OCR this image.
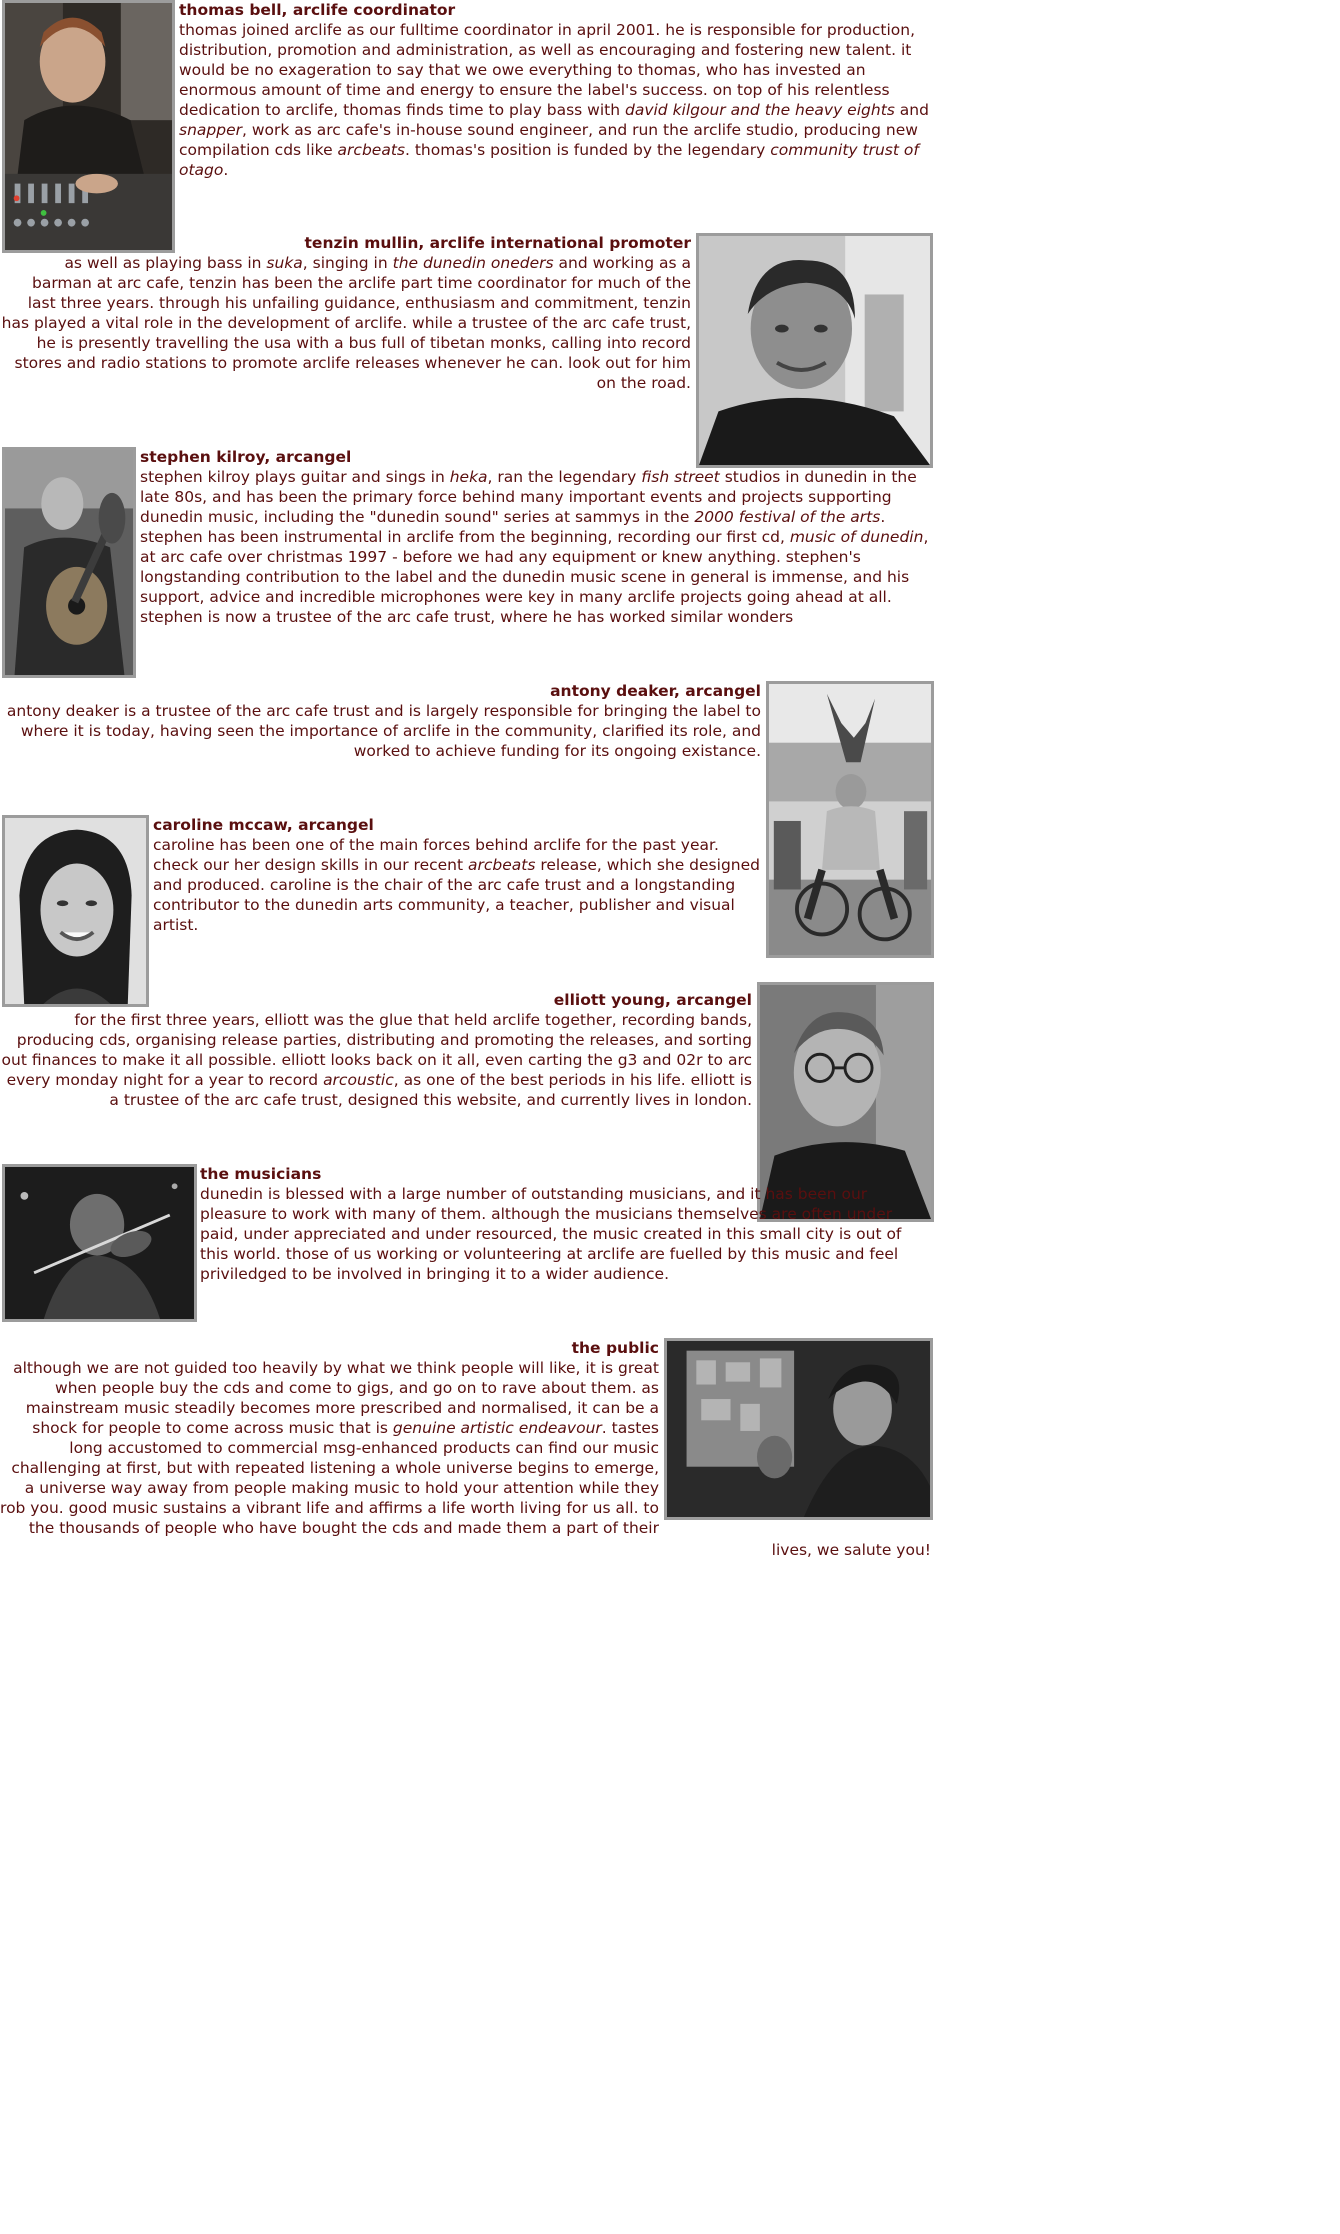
thomas bell, arclife coordinator

thomas joined arclife as our fulltime coordinator in april 2001. he is responsible for production, distribution, promotion and administration, as well as encouraging and fostering new talent. it would be no exageration to say that we owe everything to thomas, who has invested an enormous amount of time and energy to ensure the label's success. on top of his relentless dedication to arclife, thomas finds time to play bass with david kilgour and the heavy eights and snapper, work as arc cafe's in-house sound engineer, and run the arclife studio, producing new compilation cds like arcbeats. thomas's position is funded by the legendary community trust of otago.

tenzin mullin, arclife international promoter

as well as playing bass in suka, singing in the dunedin oneders and working as a barman at arc cafe, tenzin has been the arclife part time coordinator for much of the last three years. through his unfailing guidance, enthusiasm and commitment, tenzin has played a vital role in the development of arclife. while a trustee of the arc cafe trust, he is presently travelling the usa with a bus full of tibetan monks, calling into record stores and radio stations to promote arclife releases whenever he can. look out for him on the road.

stephen kilroy, arcangel

stephen kilroy plays guitar and sings in heka, ran the legendary fish street studios in dunedin in the late 80s, and has been the primary force behind many important events and projects supporting dunedin music, including the "dunedin sound" series at sammys in the 2000 festival of the arts. stephen has been instrumental in arclife from the beginning, recording our first cd, music of dunedin, at arc cafe over christmas 1997 - before we had any equipment or knew anything. stephen's longstanding contribution to the label and the dunedin music scene in general is immense, and his support, advice and incredible microphones were key in many arclife projects going ahead at all. stephen is now a trustee of the arc cafe trust, where he has worked similar wonders

antony deaker, arcangel

antony deaker is a trustee of the arc cafe trust and is largely responsible for bringing the label to where it is today, having seen the importance of arclife in the community, clarified its role, and worked to achieve funding for its ongoing existance.

caroline mccaw, arcangel

caroline has been one of the main forces behind arclife for the past year. check our her design skills in our recent arcbeats release, which she designed and produced. caroline is the chair of the arc cafe trust and a longstanding contributor to the dunedin arts community, a teacher, publisher and visual artist.

elliott young, arcangel

for the first three years, elliott was the glue that held arclife together, recording bands, producing cds, organising release parties, distributing and promoting the releases, and sorting out finances to make it all possible. elliott looks back on it all, even carting the g3 and 02r to arc every monday night for a year to record arcoustic, as one of the best periods in his life. elliott is a trustee of the arc cafe trust, designed this website, and currently lives in london.

the musicians

dunedin is blessed with a large number of outstanding musicians, and it has been our pleasure to work with many of them. although the musicians themselves are often under paid, under appreciated and under resourced, the music created in this small city is out of this world. those of us working or volunteering at arclife are fuelled by this music and feel priviledged to be involved in bringing it to a wider audience.

the public

although we are not guided too heavily by what we think people will like, it is great when people buy the cds and come to gigs, and go on to rave about them. as mainstream music steadily becomes more prescribed and normalised, it can be a shock for people to come across music that is genuine artistic endeavour. tastes long accustomed to commercial msg-enhanced products can find our music challenging at first, but with repeated listening a whole universe begins to emerge, a universe way away from people making music to hold your attention while they rob you. good music sustains a vibrant life and affirms a life worth living for us all. to the thousands of people who have bought the cds and made them a part of their

lives, we salute you!
